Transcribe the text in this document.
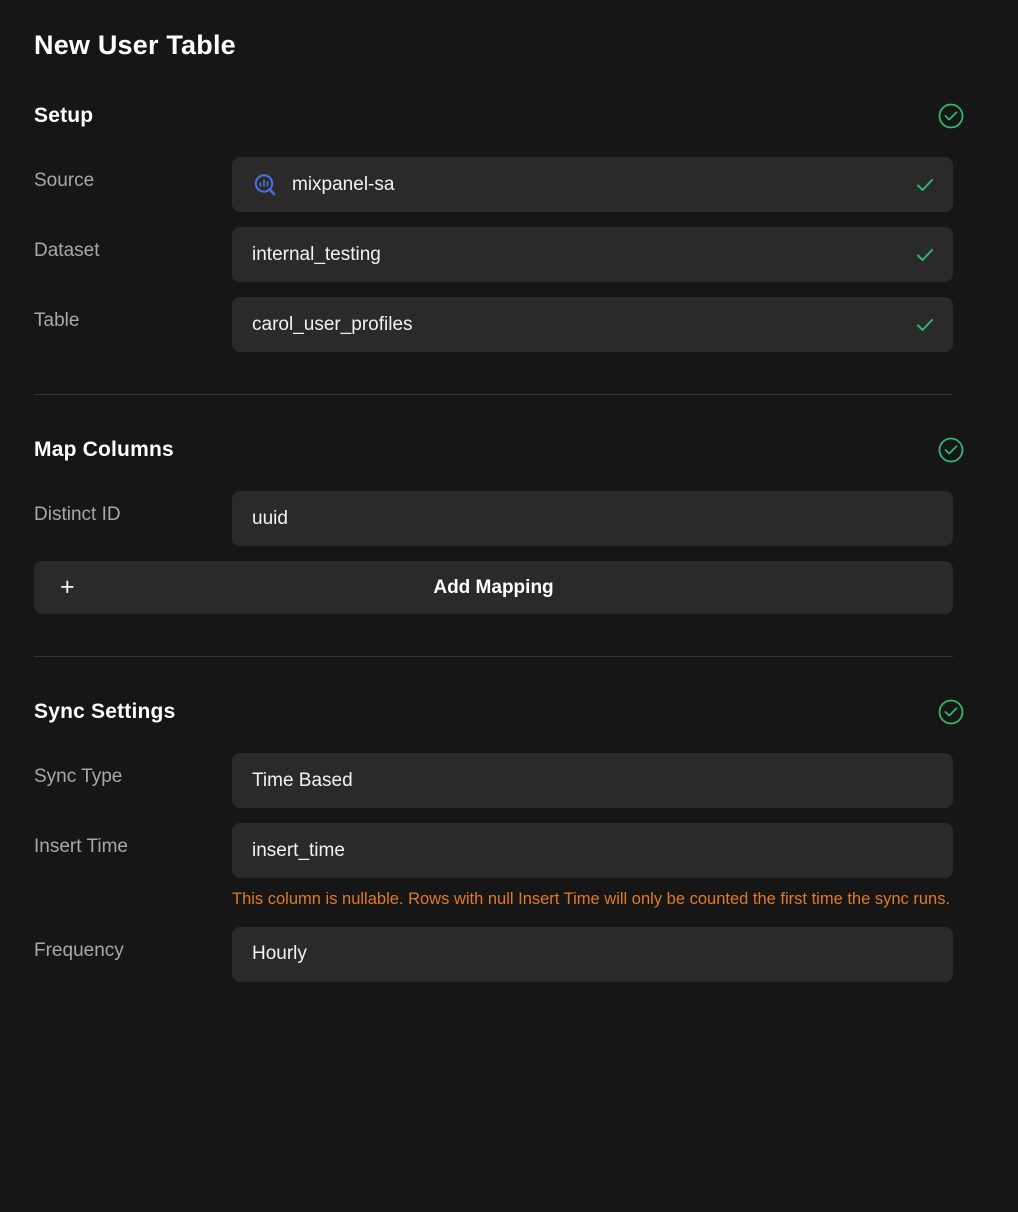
New User Table
Setup
Source	mixpanel-sa
Dataset	internal_testing
Table	carol_user_profiles
Map Columns
Distinct ID	uuid
+	Add Mapping
Sync Settings
Sync Type	Time Based
Insert Time	insert_time
This column is nullable. Rows with null Insert Time will only be counted the first time the sync runs.
Frequency	Hourly
